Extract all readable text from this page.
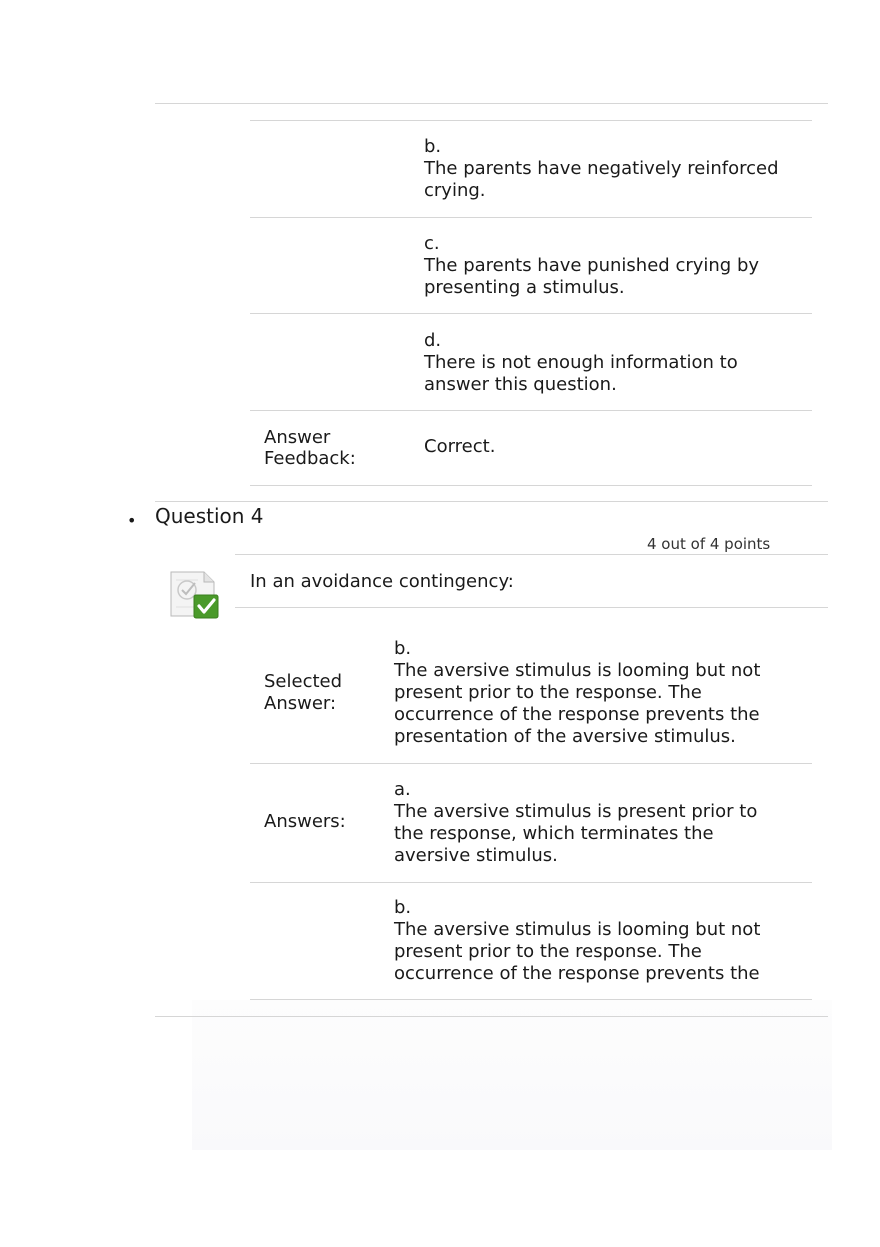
b.
The parents have negatively reinforced
crying.
c.
The parents have punished crying by
presenting a stimulus.
d.
There is not enough information to
answer this question.
Answer
Feedback:
Correct.
• Question 4
4 out of 4 points
In an avoidance contingency:
Selected
Answer:
b.
The aversive stimulus is looming but not
present prior to the response. The
occurrence of the response prevents the
presentation of the aversive stimulus.
Answers:
a.
The aversive stimulus is present prior to
the response, which terminates the
aversive stimulus.
b.
The aversive stimulus is looming but not
present prior to the response. The
occurrence of the response prevents the
